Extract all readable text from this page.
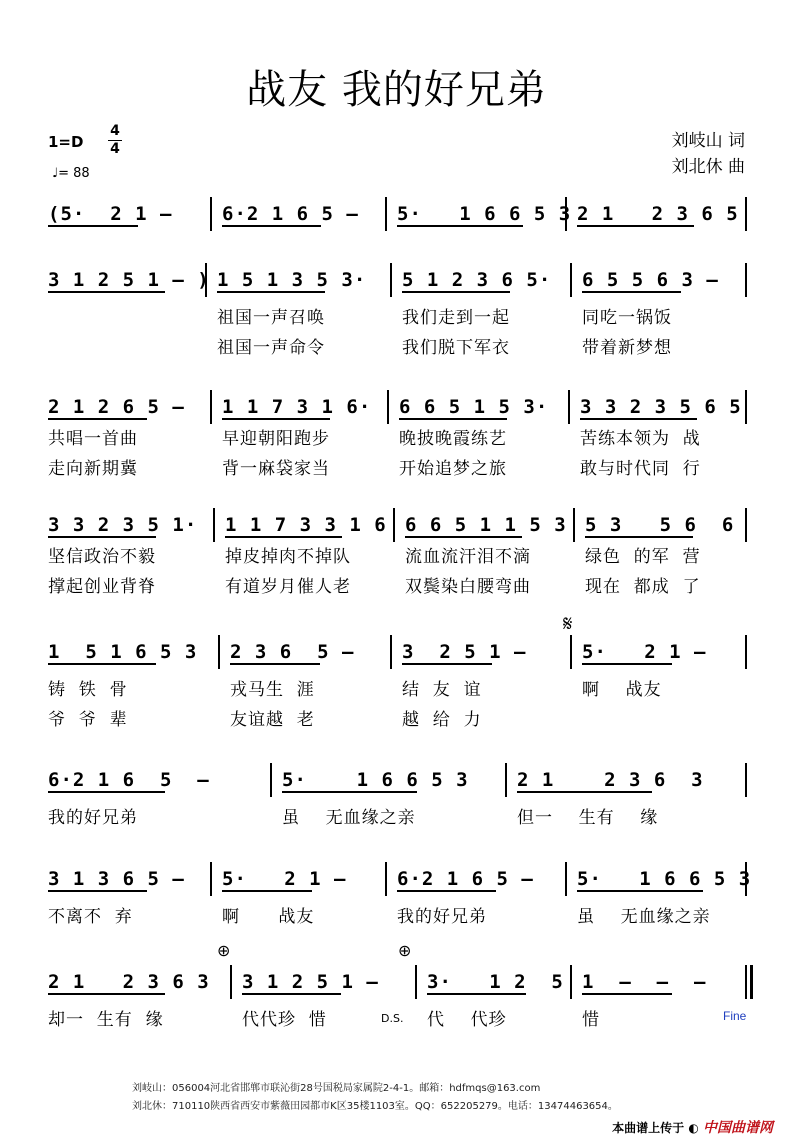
战友 我的好兄弟
1=D
4
4
♩= 88
刘岐山 词
刘北休 曲
(5·  2 1 –	6·2 1 6 5 – 5·   1 6 6 5 3 2 1   2 3 6 5
3 1 2 5 1 – ) 1 5 1 3 5 3·
祖国一声召唤
祖国一声命令
5 1 2 3 6 5·
我们走到一起
我们脱下军衣
6 5 5 6 3 –
同吃一锅饭
带着新梦想
2 1 2 6 5 –
共唱一首曲
走向新期冀
1 1 7 3 1 6·
早迎朝阳跑步
背一麻袋家当
6 6 5 1 5 3·
晚披晚霞练艺
开始追梦之旅
3 3 2 3 5 6 5
苦练本领为  战
敢与时代同  行
3 3 2 3 5 1·
坚信政治不毅
撑起创业背脊
1 1 7 3 3 1 6
掉皮掉肉不掉队
有道岁月催人老
6 6 5 1 1 5 3
流血流汗泪不滴
双鬓染白腰弯曲
5 3   5 6  6
绿色  的军  营
现在  都成  了
1  5 1 6 5 3
铸  铁  骨
爷  爷  辈
2 3 6  5 –
戎马生  涯
友谊越  老
3  2 5 1 –
结  友  谊
越  给  力
5·   2 1 –
啊    战友
6·2 1 6  5  –
我的好兄弟
5·    1 6 6 5 3
虽    无血缘之亲
2 1    2 3 6  3
但一    生有    缘
3 1 3 6 5 –
不离不  弃
5·   2 1 –
啊      战友
6·2 1 6 5 –
我的好兄弟
5·   1 6 6 5 3
虽    无血缘之亲
2 1   2 3 6 3
却一  生有  缘
3 1 2 5 1 –
代代珍  惜
3·   1 2  5
代    代珍
1  –  –  –
惜
𝄋
⊕	⊕
D.S.	Fine
刘岐山：056004河北省邯郸市联沁街28号国税局家属院2-4-1。邮箱：hdfmqs@163.com
刘北休：710110陕西省西安市紫薇田园都市K区35楼1103室。QQ：652205279。电话：13474463654。
本曲谱上传于 ◐ 中国曲谱网
